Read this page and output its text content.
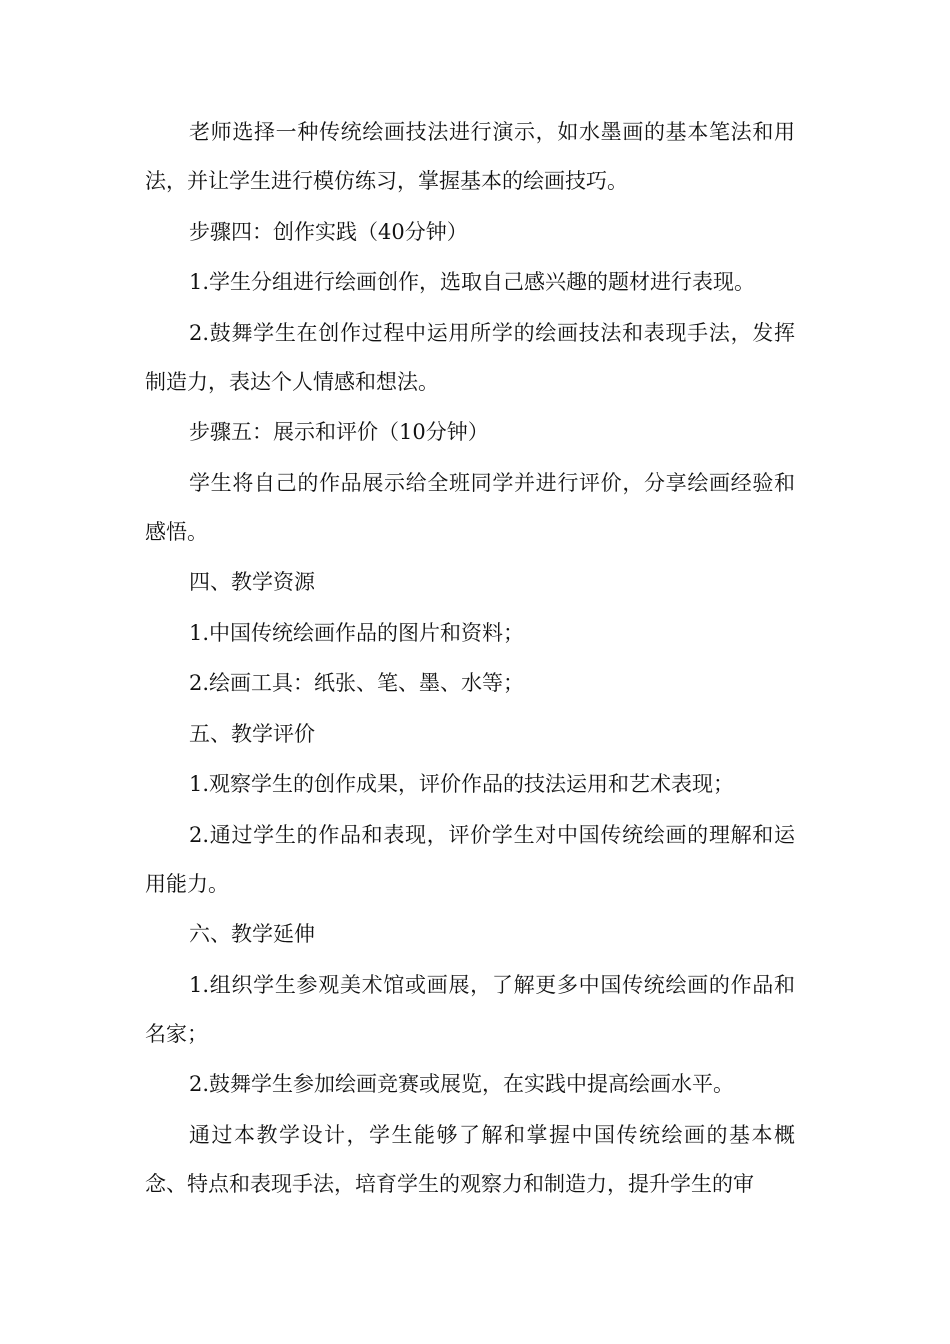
老师选择一种传统绘画技法进行演示，如水墨画的基本笔法和用法，并让学生进行模仿练习，掌握基本的绘画技巧。

步骤四：创作实践（40分钟）

1.学生分组进行绘画创作，选取自己感兴趣的题材进行表现。

2.鼓舞学生在创作过程中运用所学的绘画技法和表现手法，发挥制造力，表达个人情感和想法。

步骤五：展示和评价（10分钟）

学生将自己的作品展示给全班同学并进行评价，分享绘画经验和感悟。

四、教学资源

1.中国传统绘画作品的图片和资料；

2.绘画工具：纸张、笔、墨、水等；

五、教学评价

1.观察学生的创作成果，评价作品的技法运用和艺术表现；

2.通过学生的作品和表现，评价学生对中国传统绘画的理解和运用能力。

六、教学延伸

1.组织学生参观美术馆或画展，了解更多中国传统绘画的作品和名家；

2.鼓舞学生参加绘画竞赛或展览，在实践中提高绘画水平。

通过本教学设计，学生能够了解和掌握中国传统绘画的基本概念、特点和表现手法，培育学生的观察力和制造力，提升学生的审
